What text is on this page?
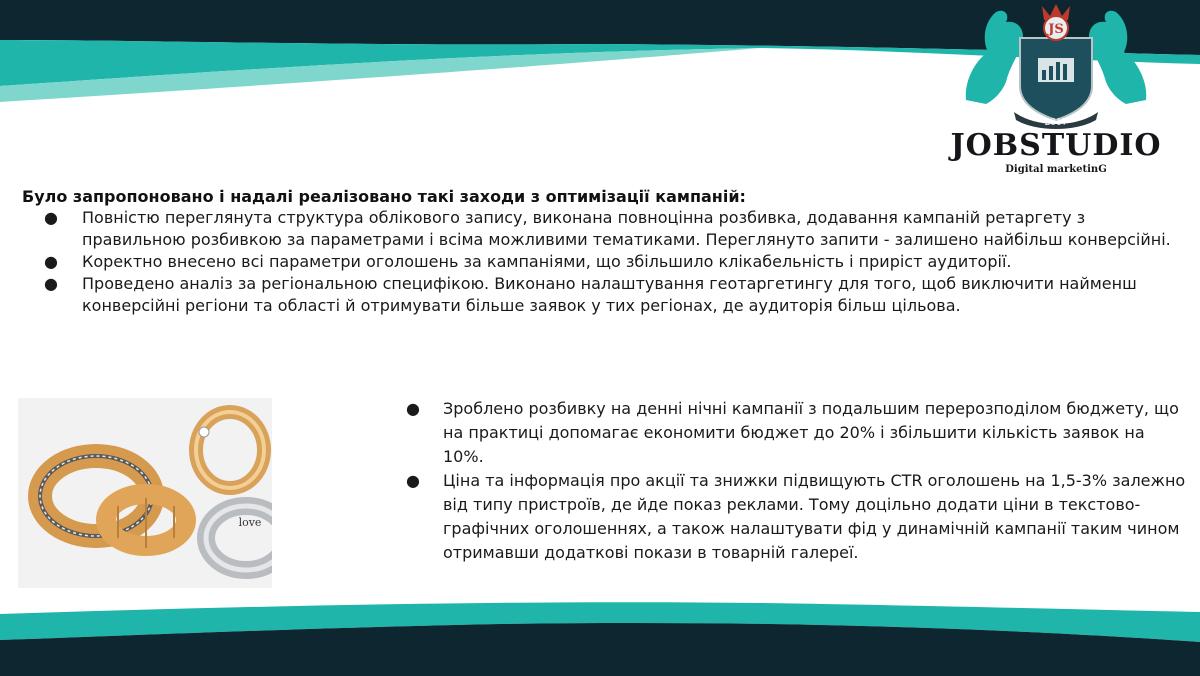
JS
2017
JOBSTUDIO
Digital marketinG
Було запропоновано і надалі реалізовано такі заходи з оптимізації кампаній:
● Повністю переглянута структура облікового запису, виконана повноцінна розбивка, додавання кампаній ретаргету з правильною розбивкою за параметрами і всіма можливими тематиками. Переглянуто запити - залишено найбільш конверсійні.
● Коректно внесено всі параметри оголошень за кампаніями, що збільшило клікабельність і приріст аудиторії.
● Проведено аналіз за регіональною специфікою. Виконано налаштування геотаргетингу для того, щоб виключити найменш конверсійні регіони та області й отримувати більше заявок у тих регіонах, де аудиторія більш цільова.
love
● Зроблено розбивку на денні нічні кампанії з подальшим перерозподілом бюджету, що на практиці допомагає економити бюджет до 20% і збільшити кількість заявок на 10%.
● Ціна та інформація про акції та знижки підвищують CTR оголошень на 1,5-3% залежно від типу пристроїв, де йде показ реклами. Тому доцільно додати ціни в текстово-графічних оголошеннях, а також налаштувати фід у динамічній кампанії таким чином отримавши додаткові покази в товарній галереї.
